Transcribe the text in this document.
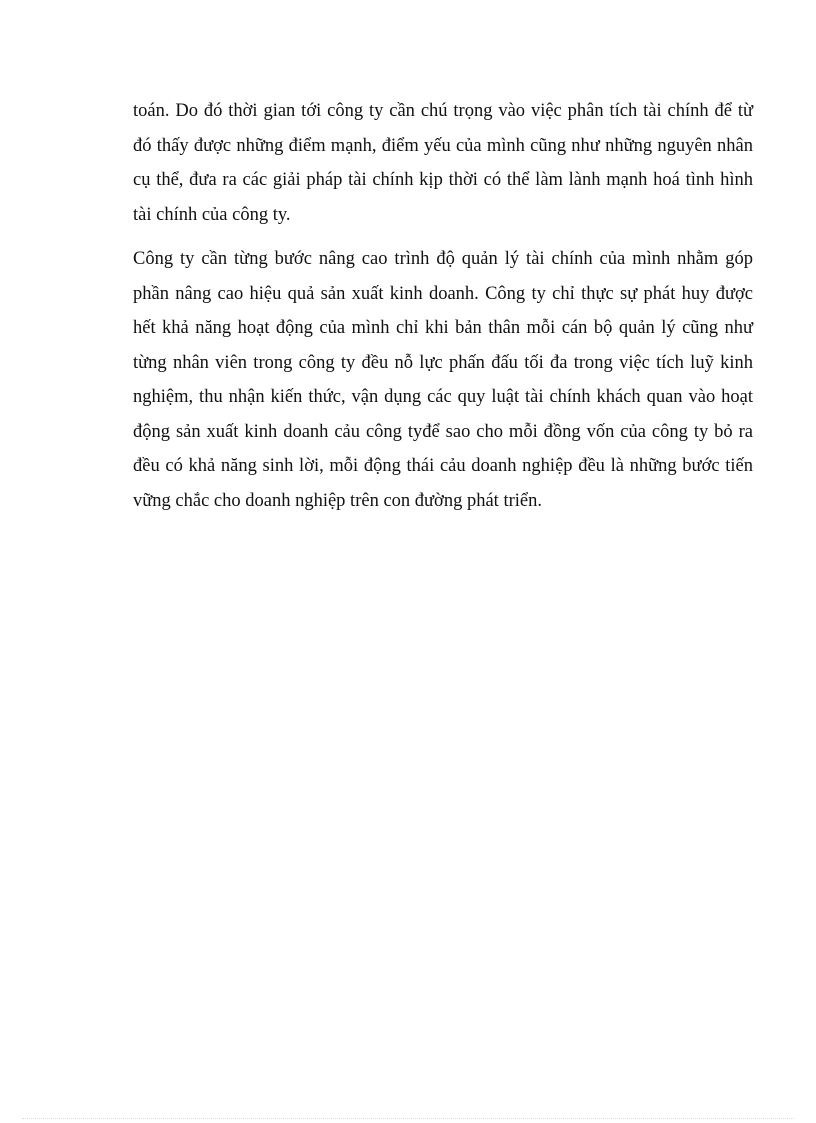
toán. Do đó thời gian tới công ty cần chú trọng vào việc phân tích tài chính để từ
đó thấy được những điểm mạnh, điểm yếu của mình cũng như những nguyên nhân
cụ thể, đưa ra các giải pháp tài chính kịp thời có thể làm lành mạnh hoá tình hình
tài chính của công ty.
Công ty cần từng bước nâng cao trình độ quản lý tài chính của mình nhằm góp
phần nâng cao hiệu quả sản xuất kinh doanh. Công ty chỉ thực sự phát huy được
hết khả năng hoạt động của mình chỉ khi bản thân mỗi cán bộ quản lý cũng như
từng nhân viên trong công ty đều nỗ lực phấn đấu tối đa trong việc tích luỹ kinh
nghiệm, thu nhận kiến thức, vận dụng các quy luật tài chính khách quan vào hoạt
động sản xuất kinh doanh cảu công tyđể sao cho mỗi đồng vốn của công ty bỏ ra
đều có khả năng sinh lời, mỗi động thái cảu doanh nghiệp đều là những bước tiến
vững chắc cho doanh nghiệp trên con đường phát triển.
